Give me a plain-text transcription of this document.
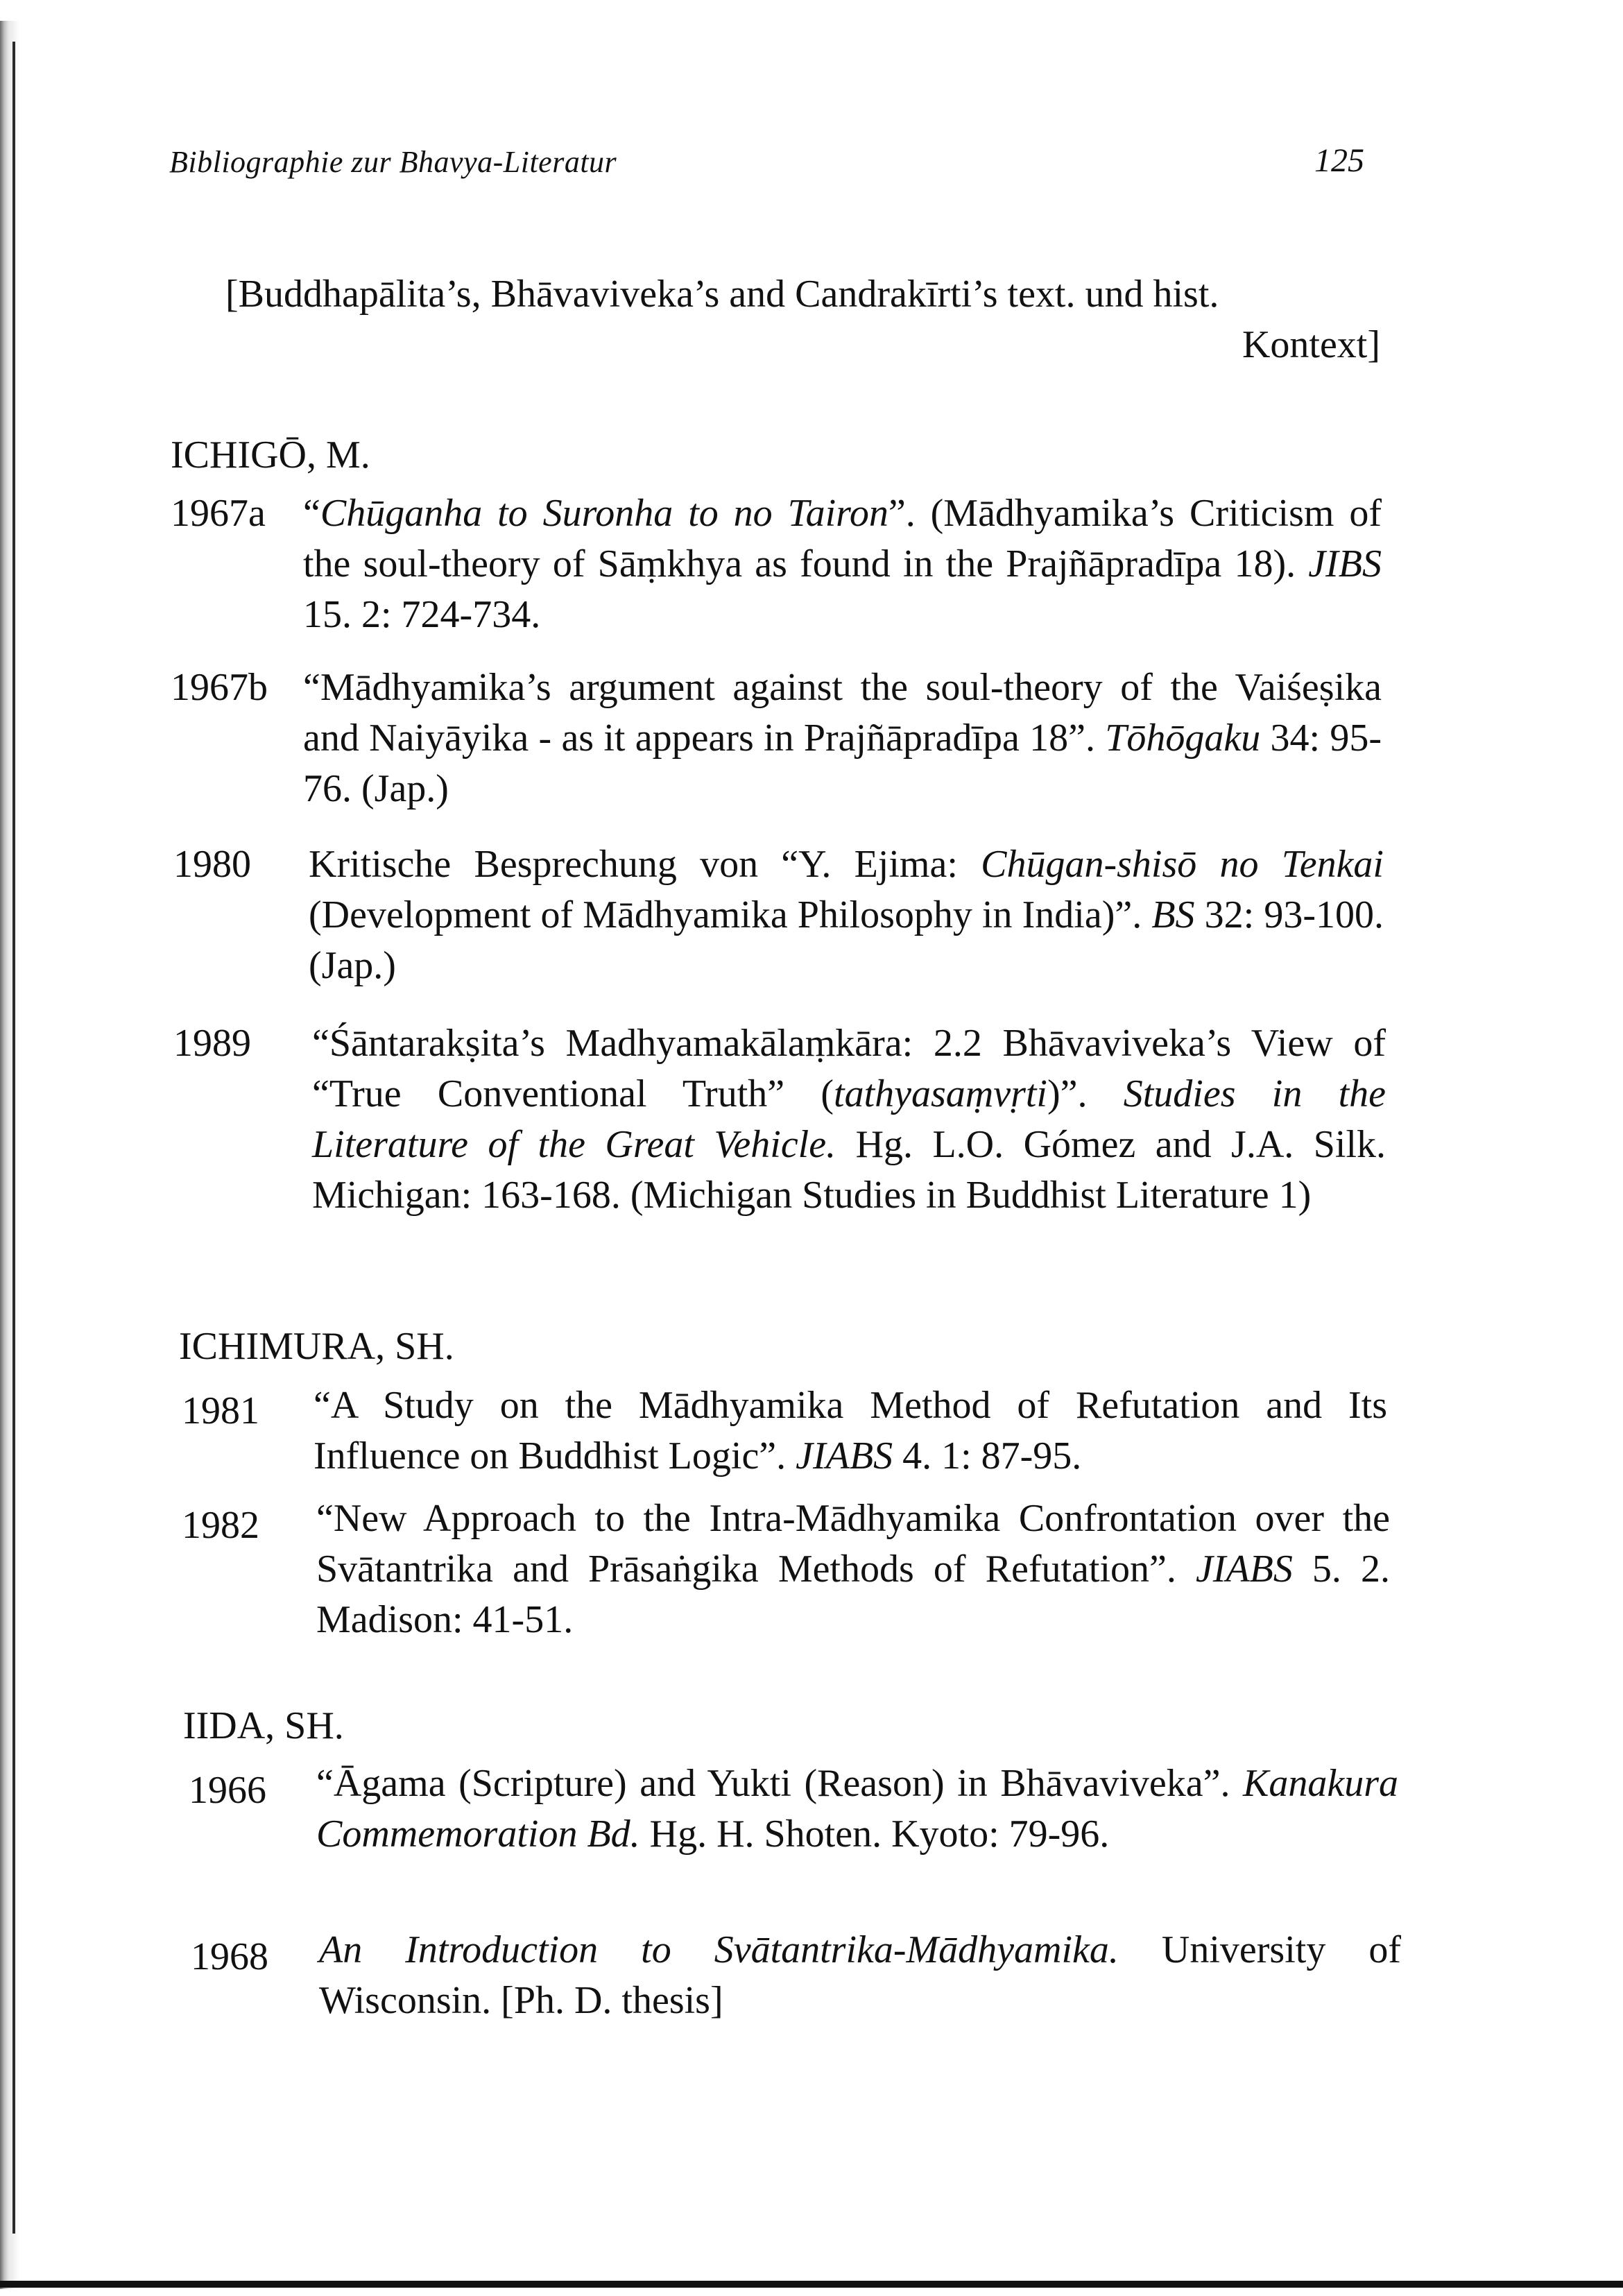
Bibliographie zur Bhavya-Literatur	125
[Buddhapālita’s, Bhāvaviveka’s and Candrakīrti’s text. und hist.
Kontext]
ICHIGŌ, M.
1967a “Chūganha to Suronha to no Tairon”. (Mādhyamika’s Criticism of the soul-theory of Sāṃkhya as found in the Prajñāpradīpa 18). JIBS 15. 2: 724-734.
1967b “Mādhyamika’s argument against the soul-theory of the Vaiśeṣika and Naiyāyika - as it appears in Prajñāpradīpa 18”. Tōhōgaku 34: 95-76. (Jap.)
1980 Kritische Besprechung von “Y. Ejima: Chūgan-shisō no Tenkai (Development of Mādhyamika Philosophy in India)”. BS 32: 93-100. (Jap.)
1989 “Śāntarakṣita’s Madhyamakālaṃkāra: 2.2 Bhāvaviveka’s View of “True Conventional Truth” (tathyasaṃvṛti)”. Studies in the Literature of the Great Vehicle. Hg. L.O. Gómez and J.A. Silk. Michigan: 163-168. (Michigan Studies in Buddhist Literature 1)
ICHIMURA, SH.
1981 “A Study on the Mādhyamika Method of Refutation and Its Influence on Buddhist Logic”. JIABS 4. 1: 87-95.
1982 “New Approach to the Intra-Mādhyamika Confrontation over the Svātantrika and Prāsaṅgika Methods of Refutation”. JIABS 5. 2. Madison: 41-51.
IIDA, SH.
1966 “Āgama (Scripture) and Yukti (Reason) in Bhāvaviveka”. Kanakura Commemoration Bd. Hg. H. Shoten. Kyoto: 79-96.
1968 An Introduction to Svātantrika-Mādhyamika. University of Wisconsin. [Ph. D. thesis]
